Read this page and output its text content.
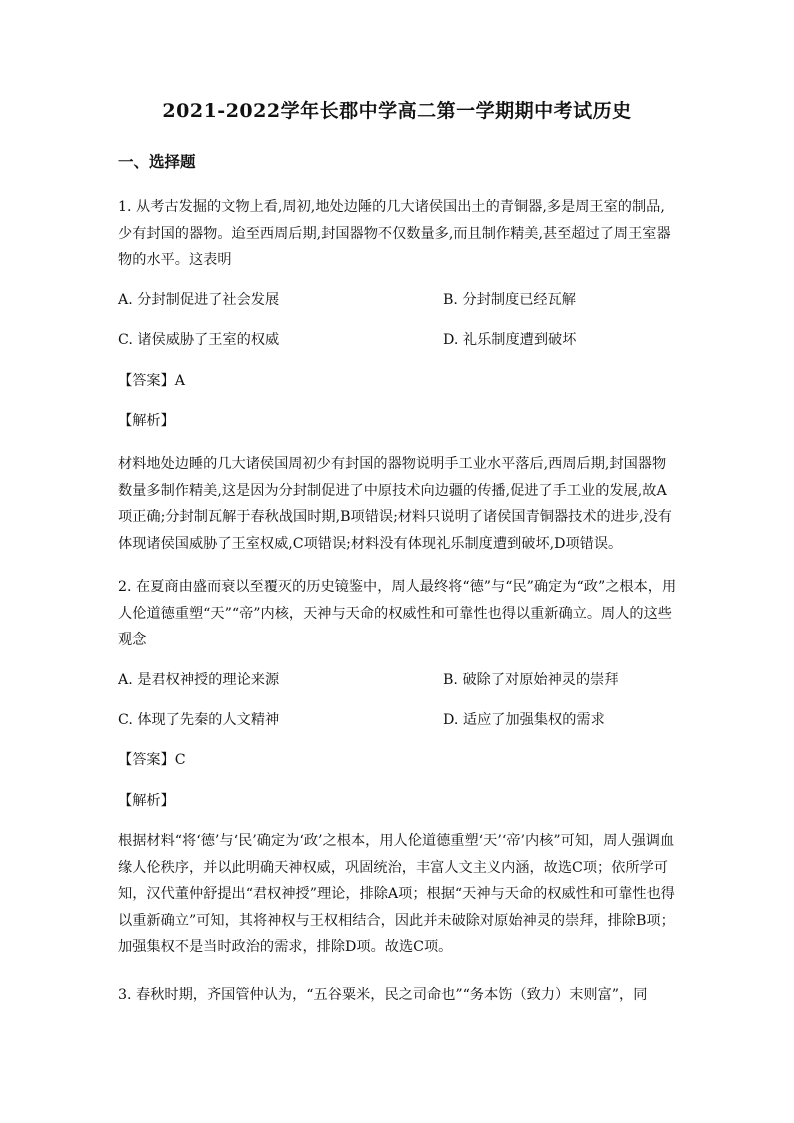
2021-2022学年长郡中学高二第一学期期中考试历史
一、选择题
1. 从考古发掘的文物上看,周初,地处边陲的几大诸侯国出土的青铜器,多是周王室的制品,少有封国的器物。迨至西周后期,封国器物不仅数量多,而且制作精美,甚至超过了周王室器物的水平。这表明
A. 分封制促进了社会发展	B. 分封制度已经瓦解
C. 诸侯威胁了王室的权威	D. 礼乐制度遭到破坏
【答案】A
【解析】
材料地处边睡的几大诸侯国周初少有封国的器物说明手工业水平落后,西周后期,封国器物数量多制作精美,这是因为分封制促进了中原技术向边疆的传播,促进了手工业的发展,故A项正确;分封制瓦解于春秋战国时期,B项错误;材料只说明了诸侯国青铜器技术的进步,没有体现诸侯国威胁了王室权威,C项错误;材料没有体现礼乐制度遭到破坏,D项错误。
2. 在夏商由盛而衰以至覆灭的历史镜鉴中，周人最终将“德”与“民”确定为“政”之根本，用人伦道德重塑“天”“帝”内核，天神与天命的权威性和可靠性也得以重新确立。周人的这些观念
A. 是君权神授的理论来源	B. 破除了对原始神灵的崇拜
C. 体现了先秦的人文精神	D. 适应了加强集权的需求
【答案】C
【解析】
根据材料“将‘德’与‘民’确定为‘政’之根本，用人伦道德重塑‘天’‘帝’内核”可知，周人强调血缘人伦秩序，并以此明确天神权威，巩固统治，丰富人文主义内涵，故选C项；依所学可知，汉代董仲舒提出“君权神授”理论，排除A项；根据“天神与天命的权威性和可靠性也得以重新确立”可知，其将神权与王权相结合，因此并未破除对原始神灵的崇拜，排除B项；加强集权不是当时政治的需求，排除D项。故选C项。
3. 春秋时期，齐国管仲认为，“五谷粟米，民之司命也”“务本饬（致力）末则富”，同
